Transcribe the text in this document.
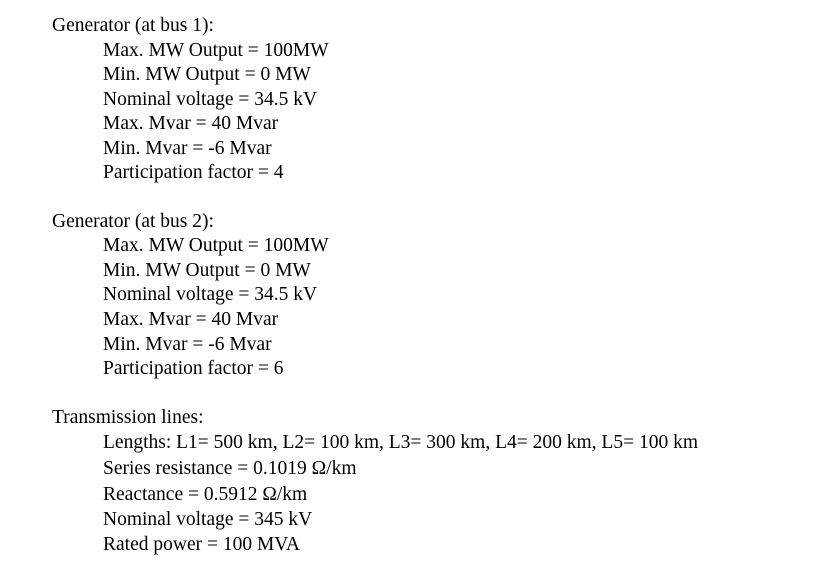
Generator (at bus 1):
Max. MW Output = 100MW
Min. MW Output = 0 MW
Nominal voltage = 34.5 kV
Max. Mvar = 40 Mvar
Min. Mvar = -6 Mvar
Participation factor = 4
Generator (at bus 2):
Max. MW Output = 100MW
Min. MW Output = 0 MW
Nominal voltage = 34.5 kV
Max. Mvar = 40 Mvar
Min. Mvar = -6 Mvar
Participation factor = 6
Transmission lines:
Lengths: L1= 500 km, L2= 100 km, L3= 300 km, L4= 200 km, L5= 100 km
Series resistance = 0.1019 Ω/km
Reactance = 0.5912 Ω/km
Nominal voltage = 345 kV
Rated power = 100 MVA
